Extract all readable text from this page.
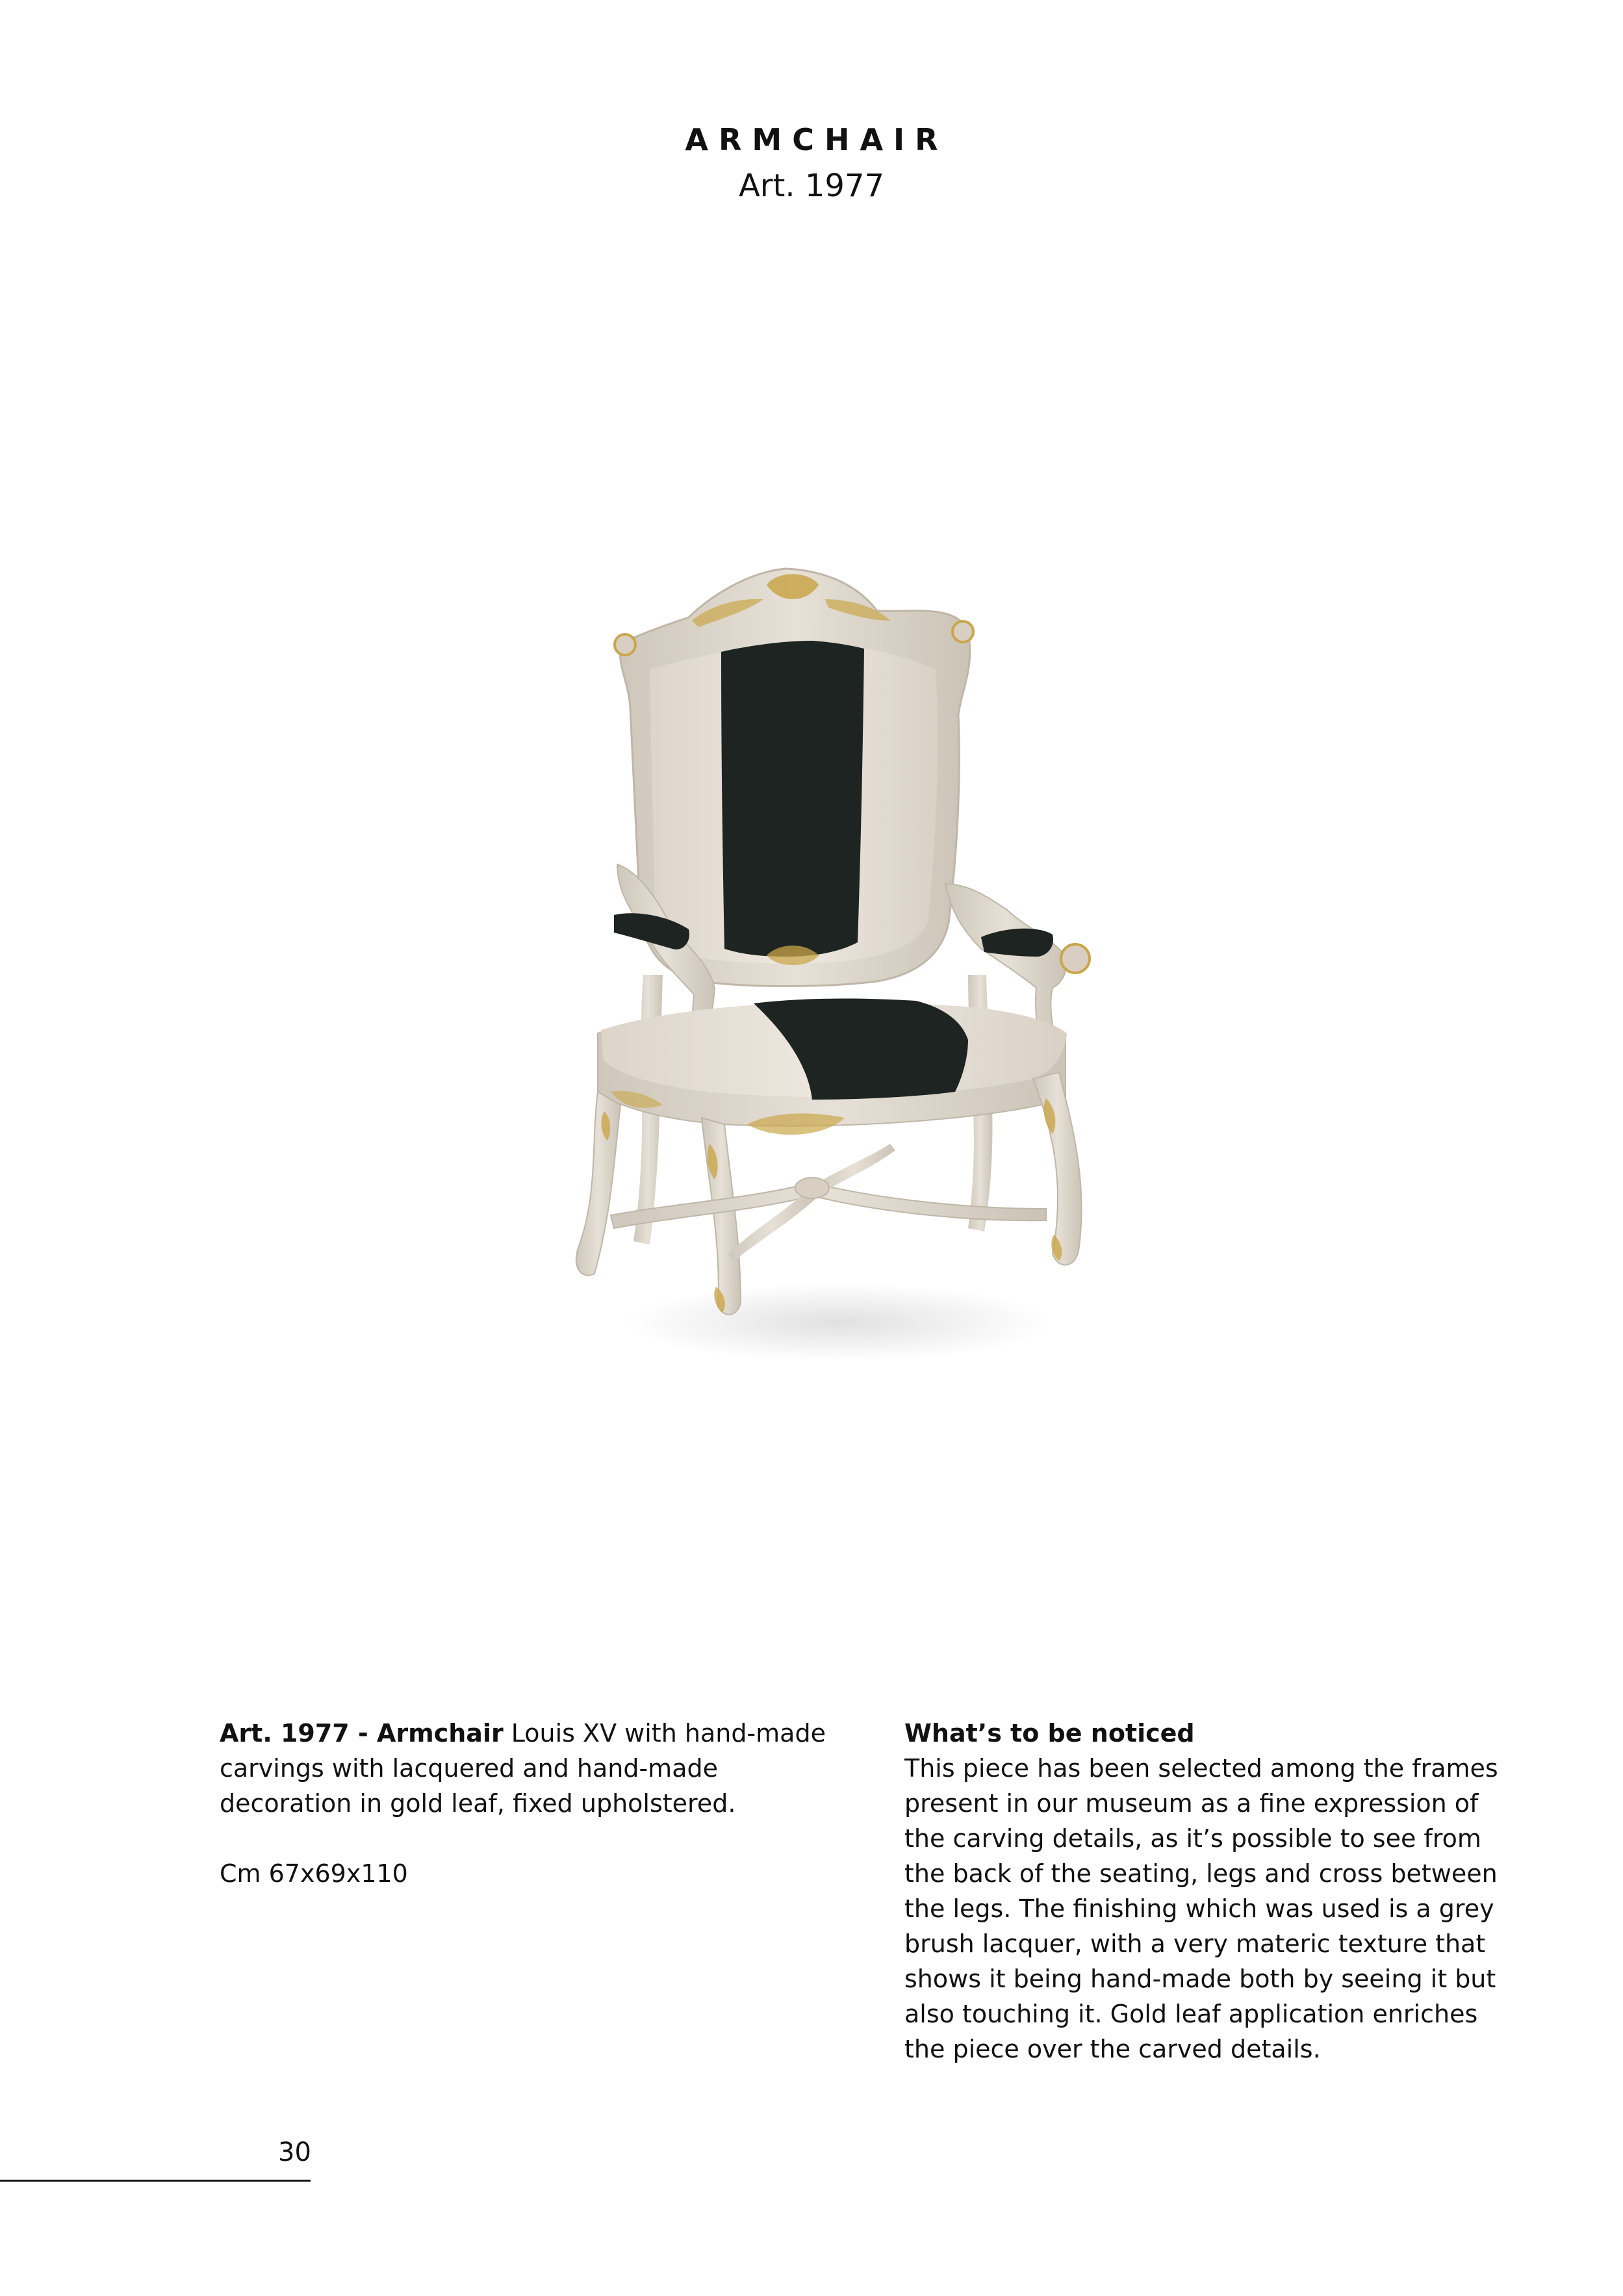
ARMCHAIR
Art. 1977

Art. 1977 - Armchair Louis XV with hand-made carvings with lacquered and hand-made decoration in gold leaf, fixed upholstered.

Cm 67x69x110

What’s to be noticed

This piece has been selected among the frames present in our museum as a fine expression of the carving details, as it’s possible to see from the back of the seating, legs and cross between the legs. The finishing which was used is a grey brush lacquer, with a very materic texture that shows it being hand-made both by seeing it but also touching it. Gold leaf application enriches the piece over the carved details.

30
